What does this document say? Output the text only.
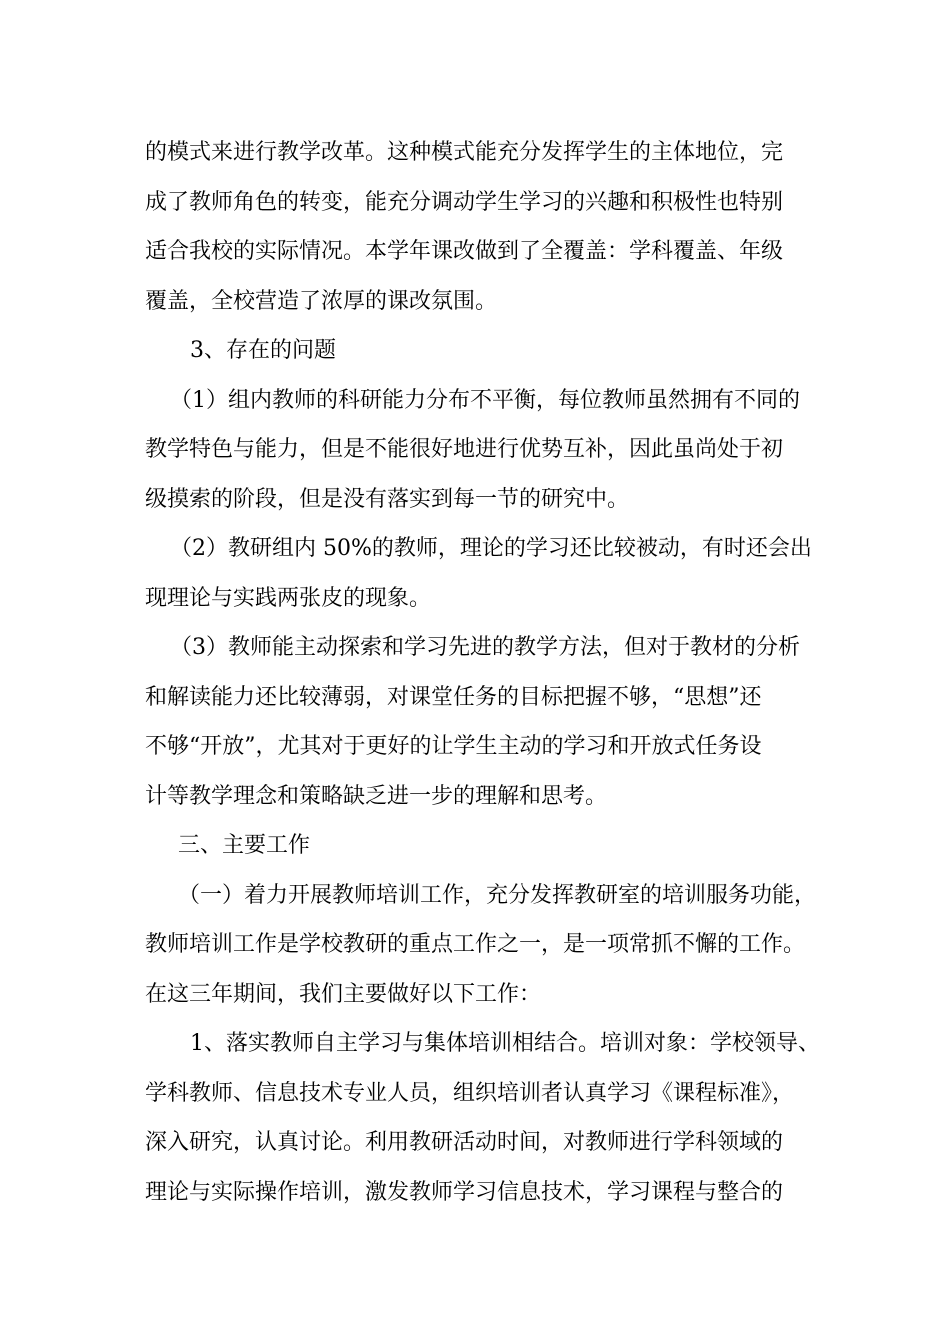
的模式来进行教学改革。这种模式能充分发挥学生的主体地位，完
成了教师角色的转变，能充分调动学生学习的兴趣和积极性也特别
适合我校的实际情况。本学年课改做到了全覆盖：学科覆盖、年级
覆盖，全校营造了浓厚的课改氛围。
3、存在的问题
（1）组内教师的科研能力分布不平衡，每位教师虽然拥有不同的
教学特色与能力，但是不能很好地进行优势互补，因此虽尚处于初
级摸索的阶段，但是没有落实到每一节的研究中。
（2）教研组内 50%的教师，理论的学习还比较被动，有时还会出
现理论与实践两张皮的现象。
（3）教师能主动探索和学习先进的教学方法，但对于教材的分析
和解读能力还比较薄弱，对课堂任务的目标把握不够，“思想”还
不够“开放”，尤其对于更好的让学生主动的学习和开放式任务设
计等教学理念和策略缺乏进一步的理解和思考。
三、主要工作
（一）着力开展教师培训工作，充分发挥教研室的培训服务功能，
教师培训工作是学校教研的重点工作之一，是一项常抓不懈的工作。
在这三年期间，我们主要做好以下工作：
1、落实教师自主学习与集体培训相结合。培训对象：学校领导、
学科教师、信息技术专业人员，组织培训者认真学习《课程标准》，
深入研究，认真讨论。利用教研活动时间，对教师进行学科领域的
理论与实际操作培训，激发教师学习信息技术，学习课程与整合的
